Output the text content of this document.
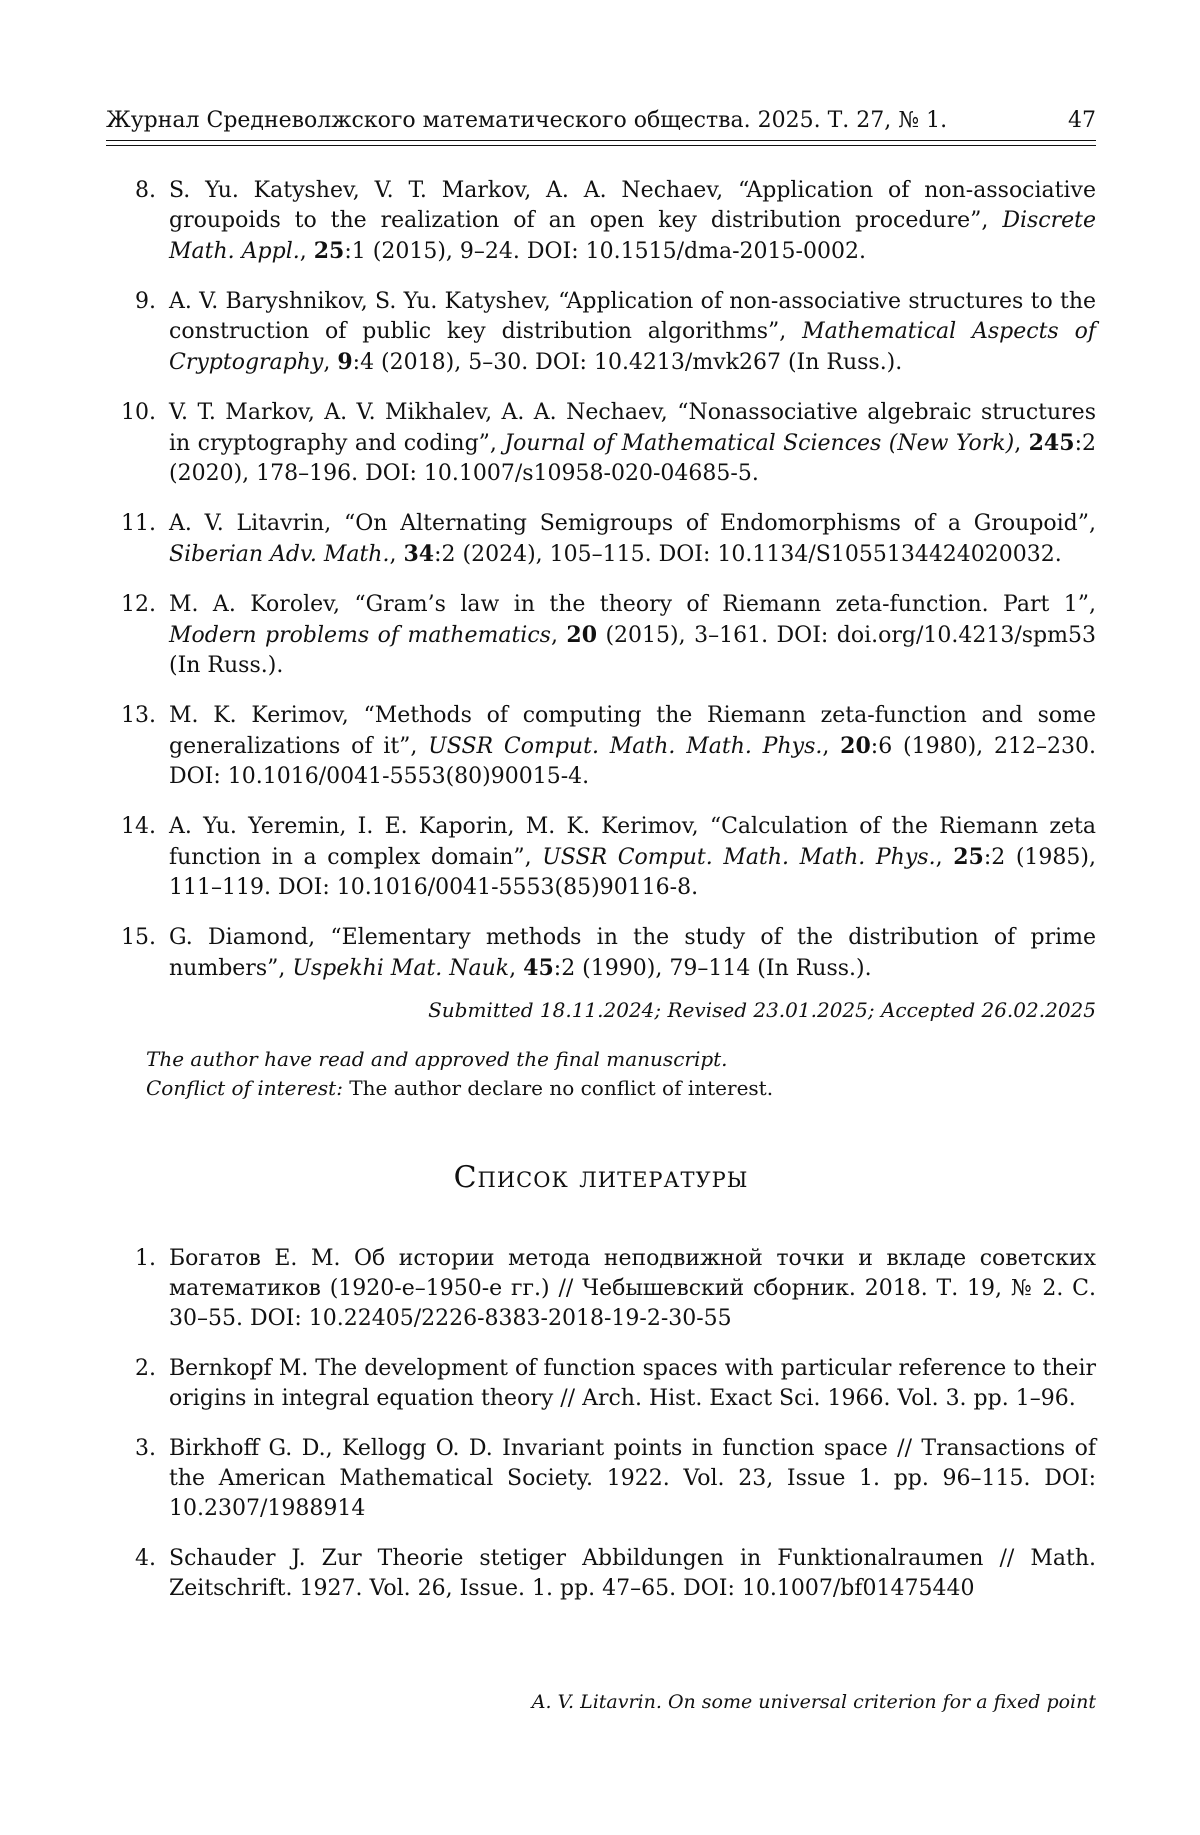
Журнал Средневолжского математического общества. 2025. Т. 27, № 1.	47
8. S. Yu. Katyshev, V. T. Markov, A. A. Nechaev, “Application of non-associative groupoids to the realization of an open key distribution procedure”, Discrete Math. Appl., 25:1 (2015), 9–24. DOI: 10.1515/dma-2015-0002.
9. A. V. Baryshnikov, S. Yu. Katyshev, “Application of non-associative structures to the construction of public key distribution algorithms”, Mathematical Aspects of Cryptography, 9:4 (2018), 5–30. DOI: 10.4213/mvk267 (In Russ.).
10. V. T. Markov, A. V. Mikhalev, A. A. Nechaev, “Nonassociative algebraic structures in cryptography and coding”, Journal of Mathematical Sciences (New York), 245:2 (2020), 178–196. DOI: 10.1007/s10958-020-04685-5.
11. A. V. Litavrin, “On Alternating Semigroups of Endomorphisms of a Groupoid”, Siberian Adv. Math., 34:2 (2024), 105–115. DOI: 10.1134/S1055134424020032.
12. M. A. Korolev, “Gram’s law in the theory of Riemann zeta-function. Part 1”, Modern problems of mathematics, 20 (2015), 3–161. DOI: doi.org/10.4213/spm53 (In Russ.).
13. M. K. Kerimov, “Methods of computing the Riemann zeta-function and some generalizations of it”, USSR Comput. Math. Math. Phys., 20:6 (1980), 212–230. DOI: 10.1016/0041-5553(80)90015-4.
14. A. Yu. Yeremin, I. E. Kaporin, M. K. Kerimov, “Calculation of the Riemann zeta function in a complex domain”, USSR Comput. Math. Math. Phys., 25:2 (1985), 111–119. DOI: 10.1016/0041-5553(85)90116-8.
15. G. Diamond, “Elementary methods in the study of the distribution of prime numbers”, Uspekhi Mat. Nauk, 45:2 (1990), 79–114 (In Russ.).
Submitted 18.11.2024; Revised 23.01.2025; Accepted 26.02.2025
The author have read and approved the final manuscript.
Conflict of interest: The author declare no conflict of interest.
Список литературы
1. Богатов Е. М. Об истории метода неподвижной точки и вкладе советских математиков (1920-е–1950-е гг.) // Чебышевский сборник. 2018. Т. 19, № 2. С. 30–55. DOI: 10.22405/2226-8383-2018-19-2-30-55
2. Bernkopf M. The development of function spaces with particular reference to their origins in integral equation theory // Arch. Hist. Exact Sci. 1966. Vol. 3. pp. 1–96.
3. Birkhoff G. D., Kellogg O. D. Invariant points in function space // Transactions of the American Mathematical Society. 1922. Vol. 23, Issue 1. pp. 96–115. DOI: 10.2307/1988914
4. Schauder J. Zur Theorie stetiger Abbildungen in Funktionalraumen // Math. Zeitschrift. 1927. Vol. 26, Issue. 1. pp. 47–65. DOI: 10.1007/bf01475440
A. V. Litavrin. On some universal criterion for a fixed point
